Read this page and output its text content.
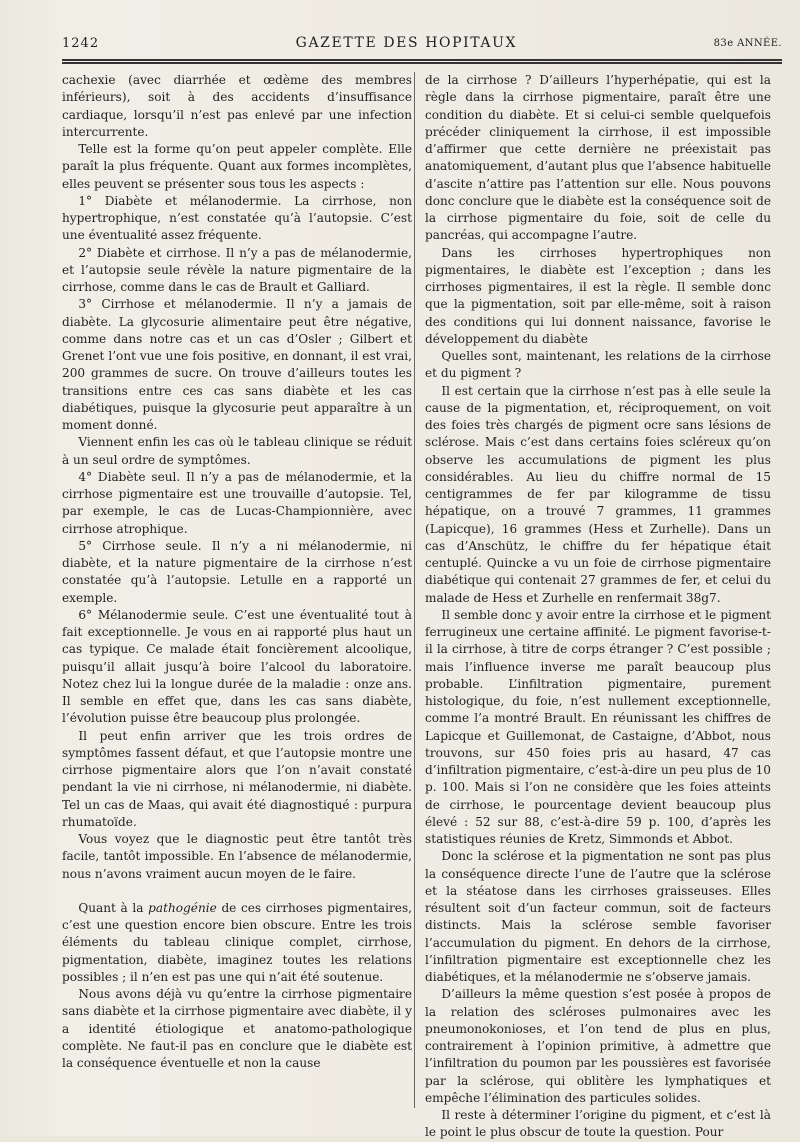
1242	GAZETTE DES HOPITAUX	83e ANNÉE.

cachexie (avec diarrhée et œdème des membres inférieurs), soit à des accidents d’insuffisance cardiaque, lorsqu’il n’est pas enlevé par une infection intercurrente.

Telle est la forme qu’on peut appeler complète. Elle paraît la plus fréquente. Quant aux formes incomplètes, elles peuvent se présenter sous tous les aspects :

1° Diabète et mélanodermie. La cirrhose, non hypertrophique, n’est constatée qu’à l’autopsie. C’est une éventualité assez fréquente.

2° Diabète et cirrhose. Il n’y a pas de mélanodermie, et l’autopsie seule révèle la nature pigmentaire de la cirrhose, comme dans le cas de Brault et Galliard.

3° Cirrhose et mélanodermie. Il n’y a jamais de diabète. La glycosurie alimentaire peut être négative, comme dans notre cas et un cas d’Osler ; Gilbert et Grenet l’ont vue une fois positive, en donnant, il est vrai, 200 grammes de sucre. On trouve d’ailleurs toutes les transitions entre ces cas sans diabète et les cas diabétiques, puisque la glycosurie peut apparaître à un moment donné.

Viennent enfin les cas où le tableau clinique se réduit à un seul ordre de symptômes.

4° Diabète seul. Il n’y a pas de mélanodermie, et la cirrhose pigmentaire est une trouvaille d’autopsie. Tel, par exemple, le cas de Lucas-Championnière, avec cirrhose atrophique.

5° Cirrhose seule. Il n’y a ni mélanodermie, ni diabète, et la nature pigmentaire de la cirrhose n’est constatée qu’à l’autopsie. Letulle en a rapporté un exemple.

6° Mélanodermie seule. C’est une éventualité tout à fait exceptionnelle. Je vous en ai rapporté plus haut un cas typique. Ce malade était foncièrement alcoolique, puisqu’il allait jusqu’à boire l’alcool du laboratoire. Notez chez lui la longue durée de la maladie : onze ans. Il semble en effet que, dans les cas sans diabète, l’évolution puisse être beaucoup plus prolongée.

Il peut enfin arriver que les trois ordres de symptômes fassent défaut, et que l’autopsie montre une cirrhose pigmentaire alors que l’on n’avait constaté pendant la vie ni cirrhose, ni mélanodermie, ni diabète. Tel un cas de Maas, qui avait été diagnostiqué : purpura rhumatoïde.

Vous voyez que le diagnostic peut être tantôt très facile, tantôt impossible. En l’absence de mélanodermie, nous n’avons vraiment aucun moyen de le faire.

Quant à la pathogénie de ces cirrhoses pigmentaires, c’est une question encore bien obscure. Entre les trois éléments du tableau clinique complet, cirrhose, pigmentation, diabète, imaginez toutes les relations possibles ; il n’en est pas une qui n’ait été soutenue.

Nous avons déjà vu qu’entre la cirrhose pigmentaire sans diabète et la cirrhose pigmentaire avec diabète, il y a identité étiologique et anatomo-pathologique complète. Ne faut-il pas en conclure que le diabète est la conséquence éventuelle et non la cause

de la cirrhose ? D’ailleurs l’hyperhépatie, qui est la règle dans la cirrhose pigmentaire, paraît être une condition du diabète. Et si celui-ci semble quelquefois précéder cliniquement la cirrhose, il est impossible d’affirmer que cette dernière ne préexistait pas anatomiquement, d’autant plus que l’absence habituelle d’ascite n’attire pas l’attention sur elle. Nous pouvons donc conclure que le diabète est la conséquence soit de la cirrhose pigmentaire du foie, soit de celle du pancréas, qui accompagne l’autre.

Dans les cirrhoses hypertrophiques non pigmentaires, le diabète est l’exception ; dans les cirrhoses pigmentaires, il est la règle. Il semble donc que la pigmentation, soit par elle-même, soit à raison des conditions qui lui donnent naissance, favorise le développement du diabète

Quelles sont, maintenant, les relations de la cirrhose et du pigment ?

Il est certain que la cirrhose n’est pas à elle seule la cause de la pigmentation, et, réciproquement, on voit des foies très chargés de pigment ocre sans lésions de sclérose. Mais c’est dans certains foies scléreux qu’on observe les accumulations de pigment les plus considérables. Au lieu du chiffre normal de 15 centigrammes de fer par kilogramme de tissu hépatique, on a trouvé 7 grammes, 11 grammes (Lapicque), 16 grammes (Hess et Zurhelle). Dans un cas d’Anschütz, le chiffre du fer hépatique était centuplé. Quincke a vu un foie de cirrhose pigmentaire diabétique qui contenait 27 grammes de fer, et celui du malade de Hess et Zurhelle en renfermait 38g7.

Il semble donc y avoir entre la cirrhose et le pigment ferrugineux une certaine affinité. Le pigment favorise-t-il la cirrhose, à titre de corps étranger ? C’est possible ; mais l’influence inverse me paraît beaucoup plus probable. L’infiltration pigmentaire, purement histologique, du foie, n’est nullement exceptionnelle, comme l’a montré Brault. En réunissant les chiffres de Lapicque et Guillemonat, de Castaigne, d’Abbot, nous trouvons, sur 450 foies pris au hasard, 47 cas d’infiltration pigmentaire, c’est-à-dire un peu plus de 10 p. 100. Mais si l’on ne considère que les foies atteints de cirrhose, le pourcentage devient beaucoup plus élevé : 52 sur 88, c’est-à-dire 59 p. 100, d’après les statistiques réunies de Kretz, Simmonds et Abbot.

Donc la sclérose et la pigmentation ne sont pas plus la conséquence directe l’une de l’autre que la sclérose et la stéatose dans les cirrhoses graisseuses. Elles résultent soit d’un facteur commun, soit de facteurs distincts. Mais la sclérose semble favoriser l’accumulation du pigment. En dehors de la cirrhose, l’infiltration pigmentaire est exceptionnelle chez les diabétiques, et la mélanodermie ne s’observe jamais.

D’ailleurs la même question s’est posée à propos de la relation des scléroses pulmonaires avec les pneumonokonioses, et l’on tend de plus en plus, contrairement à l’opinion primitive, à admettre que l’infiltration du poumon par les poussières est favorisée par la sclérose, qui oblitère les lymphatiques et empêche l’élimination des particules solides.

Il reste à déterminer l’origine du pigment, et c’est là le point le plus obscur de toute la question. Pour
